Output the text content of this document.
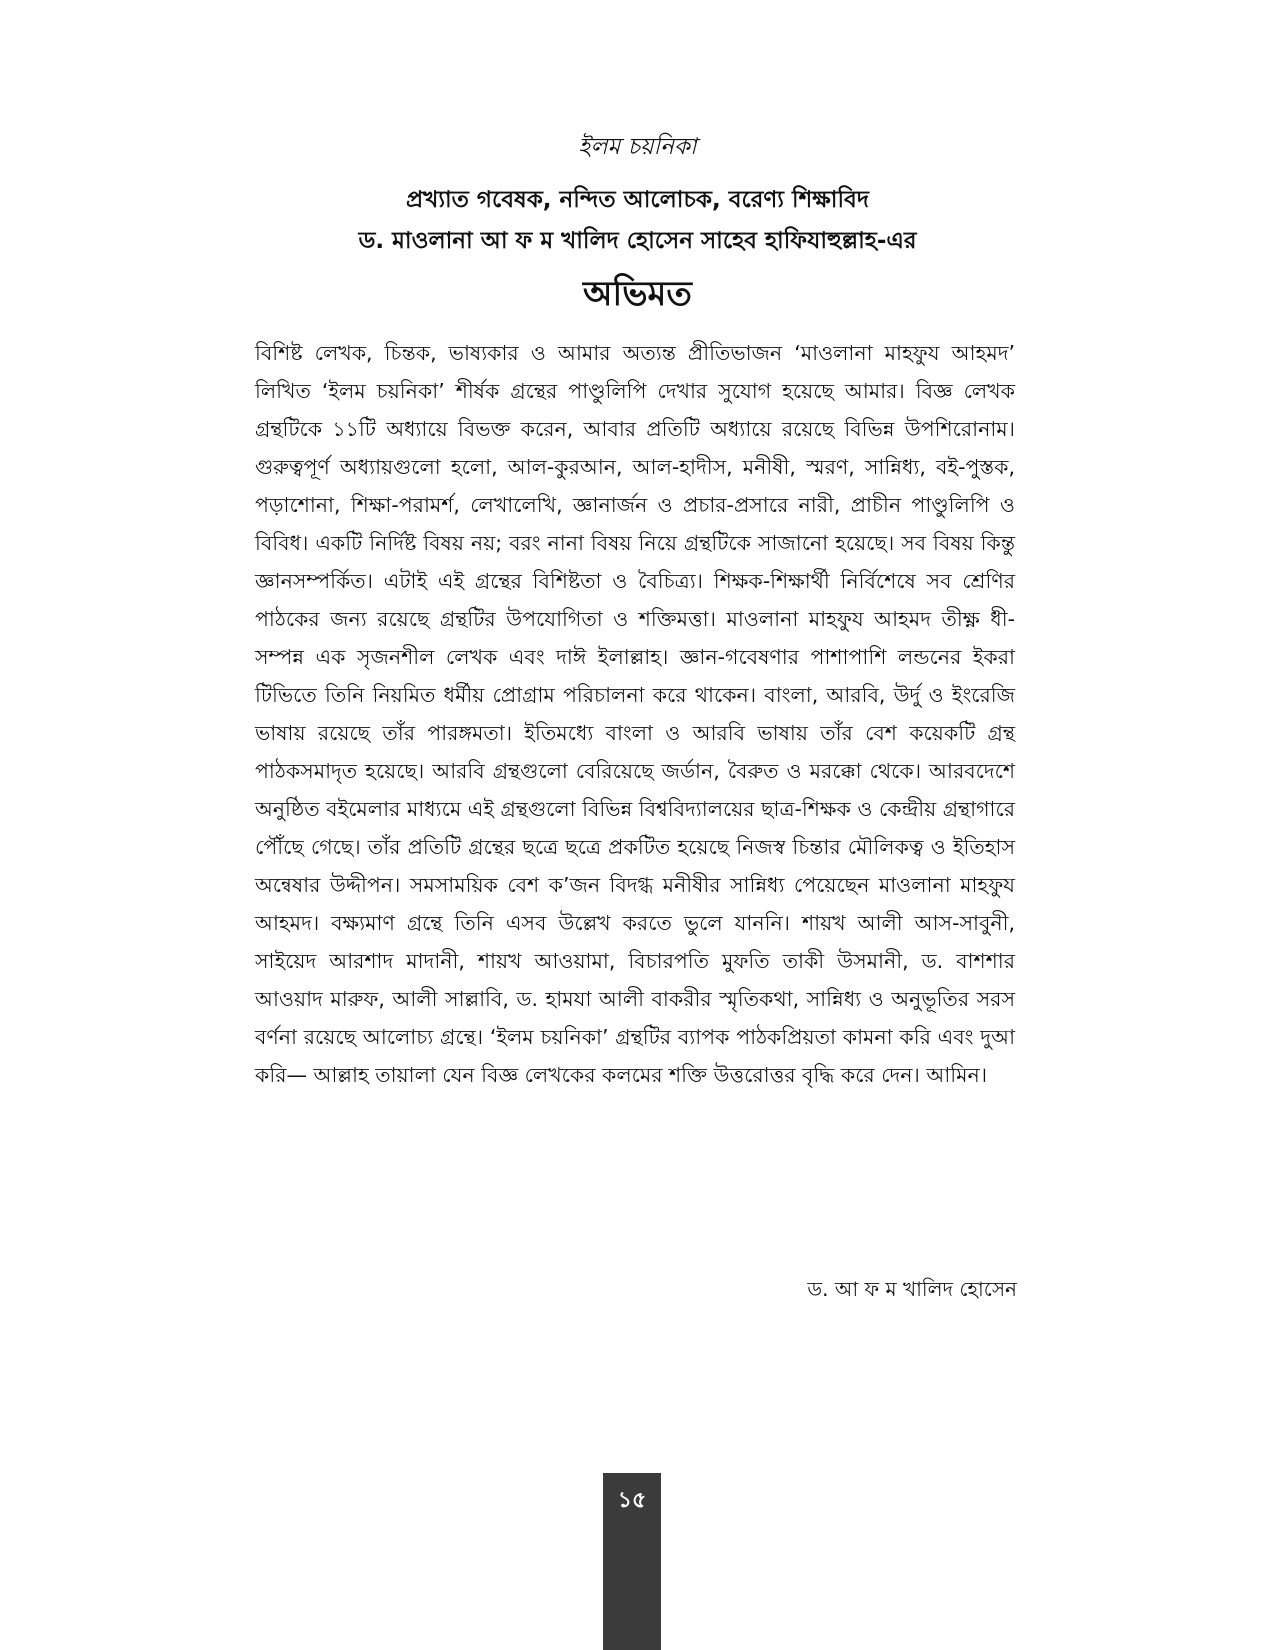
ইলম চয়নিকা
প্রখ্যাত গবেষক, নন্দিত আলোচক, বরেণ্য শিক্ষাবিদ
ড. মাওলানা আ ফ ম খালিদ হোসেন সাহেব হাফিযাহুল্লাহ-এর
অভিমত
বিশিষ্ট লেখক, চিন্তক, ভাষ্যকার ও আমার অত্যন্ত প্রীতিভাজন ‘মাওলানা মাহফুয আহমদ’ লিখিত ‘ইলম চয়নিকা’ শীর্ষক গ্রন্থের পাণ্ডুলিপি দেখার সুযোগ হয়েছে আমার। বিজ্ঞ লেখক গ্রন্থটিকে ১১টি অধ্যায়ে বিভক্ত করেন, আবার প্রতিটি অধ্যায়ে রয়েছে বিভিন্ন উপশিরোনাম। গুরুত্বপূর্ণ অধ্যায়গুলো হলো, আল-কুরআন, আল-হাদীস, মনীষী, স্মরণ, সান্নিধ্য, বই-পুস্তক, পড়াশোনা, শিক্ষা-পরামর্শ, লেখালেখি, জ্ঞানার্জন ও প্রচার-প্রসারে নারী, প্রাচীন পাণ্ডুলিপি ও বিবিধ। একটি নির্দিষ্ট বিষয় নয়; বরং নানা বিষয় নিয়ে গ্রন্থটিকে সাজানো হয়েছে। সব বিষয় কিন্তু জ্ঞানসম্পর্কিত। এটাই এই গ্রন্থের বিশিষ্টতা ও বৈচিত্র্য। শিক্ষক-শিক্ষার্থী নির্বিশেষে সব শ্রেণির পাঠকের জন্য রয়েছে গ্রন্থটির উপযোগিতা ও শক্তিমত্তা। মাওলানা মাহফুয আহমদ তীক্ষ্ণ ধী-সম্পন্ন এক সৃজনশীল লেখক এবং দাঈ ইলাল্লাহ। জ্ঞান-গবেষণার পাশাপাশি লন্ডনের ইকরা টিভিতে তিনি নিয়মিত ধর্মীয় প্রোগ্রাম পরিচালনা করে থাকেন। বাংলা, আরবি, উর্দু ও ইংরেজি ভাষায় রয়েছে তাঁর পারঙ্গমতা। ইতিমধ্যে বাংলা ও আরবি ভাষায় তাঁর বেশ কয়েকটি গ্রন্থ পাঠকসমাদৃত হয়েছে। আরবি গ্রন্থগুলো বেরিয়েছে জর্ডান, বৈরুত ও মরক্কো থেকে। আরবদেশে অনুষ্ঠিত বইমেলার মাধ্যমে এই গ্রন্থগুলো বিভিন্ন বিশ্ববিদ্যালয়ের ছাত্র-শিক্ষক ও কেন্দ্রীয় গ্রন্থাগারে পৌঁছে গেছে। তাঁর প্রতিটি গ্রন্থের ছত্রে ছত্রে প্রকটিত হয়েছে নিজস্ব চিন্তার মৌলিকত্ব ও ইতিহাস অন্বেষার উদ্দীপন। সমসাময়িক বেশ ক’জন বিদগ্ধ মনীষীর সান্নিধ্য পেয়েছেন মাওলানা মাহফুয আহমদ। বক্ষ্যমাণ গ্রন্থে তিনি এসব উল্লেখ করতে ভুলে যাননি। শায়খ আলী আস-সাবুনী, সাইয়েদ আরশাদ মাদানী, শায়খ আওয়ামা, বিচারপতি মুফতি তাকী উসমানী, ড. বাশশার আওয়াদ মারুফ, আলী সাল্লাবি, ড. হামযা আলী বাকরীর স্মৃতিকথা, সান্নিধ্য ও অনুভূতির সরস বর্ণনা রয়েছে আলোচ্য গ্রন্থে। ‘ইলম চয়নিকা’ গ্রন্থটির ব্যাপক পাঠকপ্রিয়তা কামনা করি এবং দুআ করি— আল্লাহ তায়ালা যেন বিজ্ঞ লেখকের কলমের শক্তি উত্তরোত্তর বৃদ্ধি করে দেন। আমিন।
ড. আ ফ ম খালিদ হোসেন
১৫
